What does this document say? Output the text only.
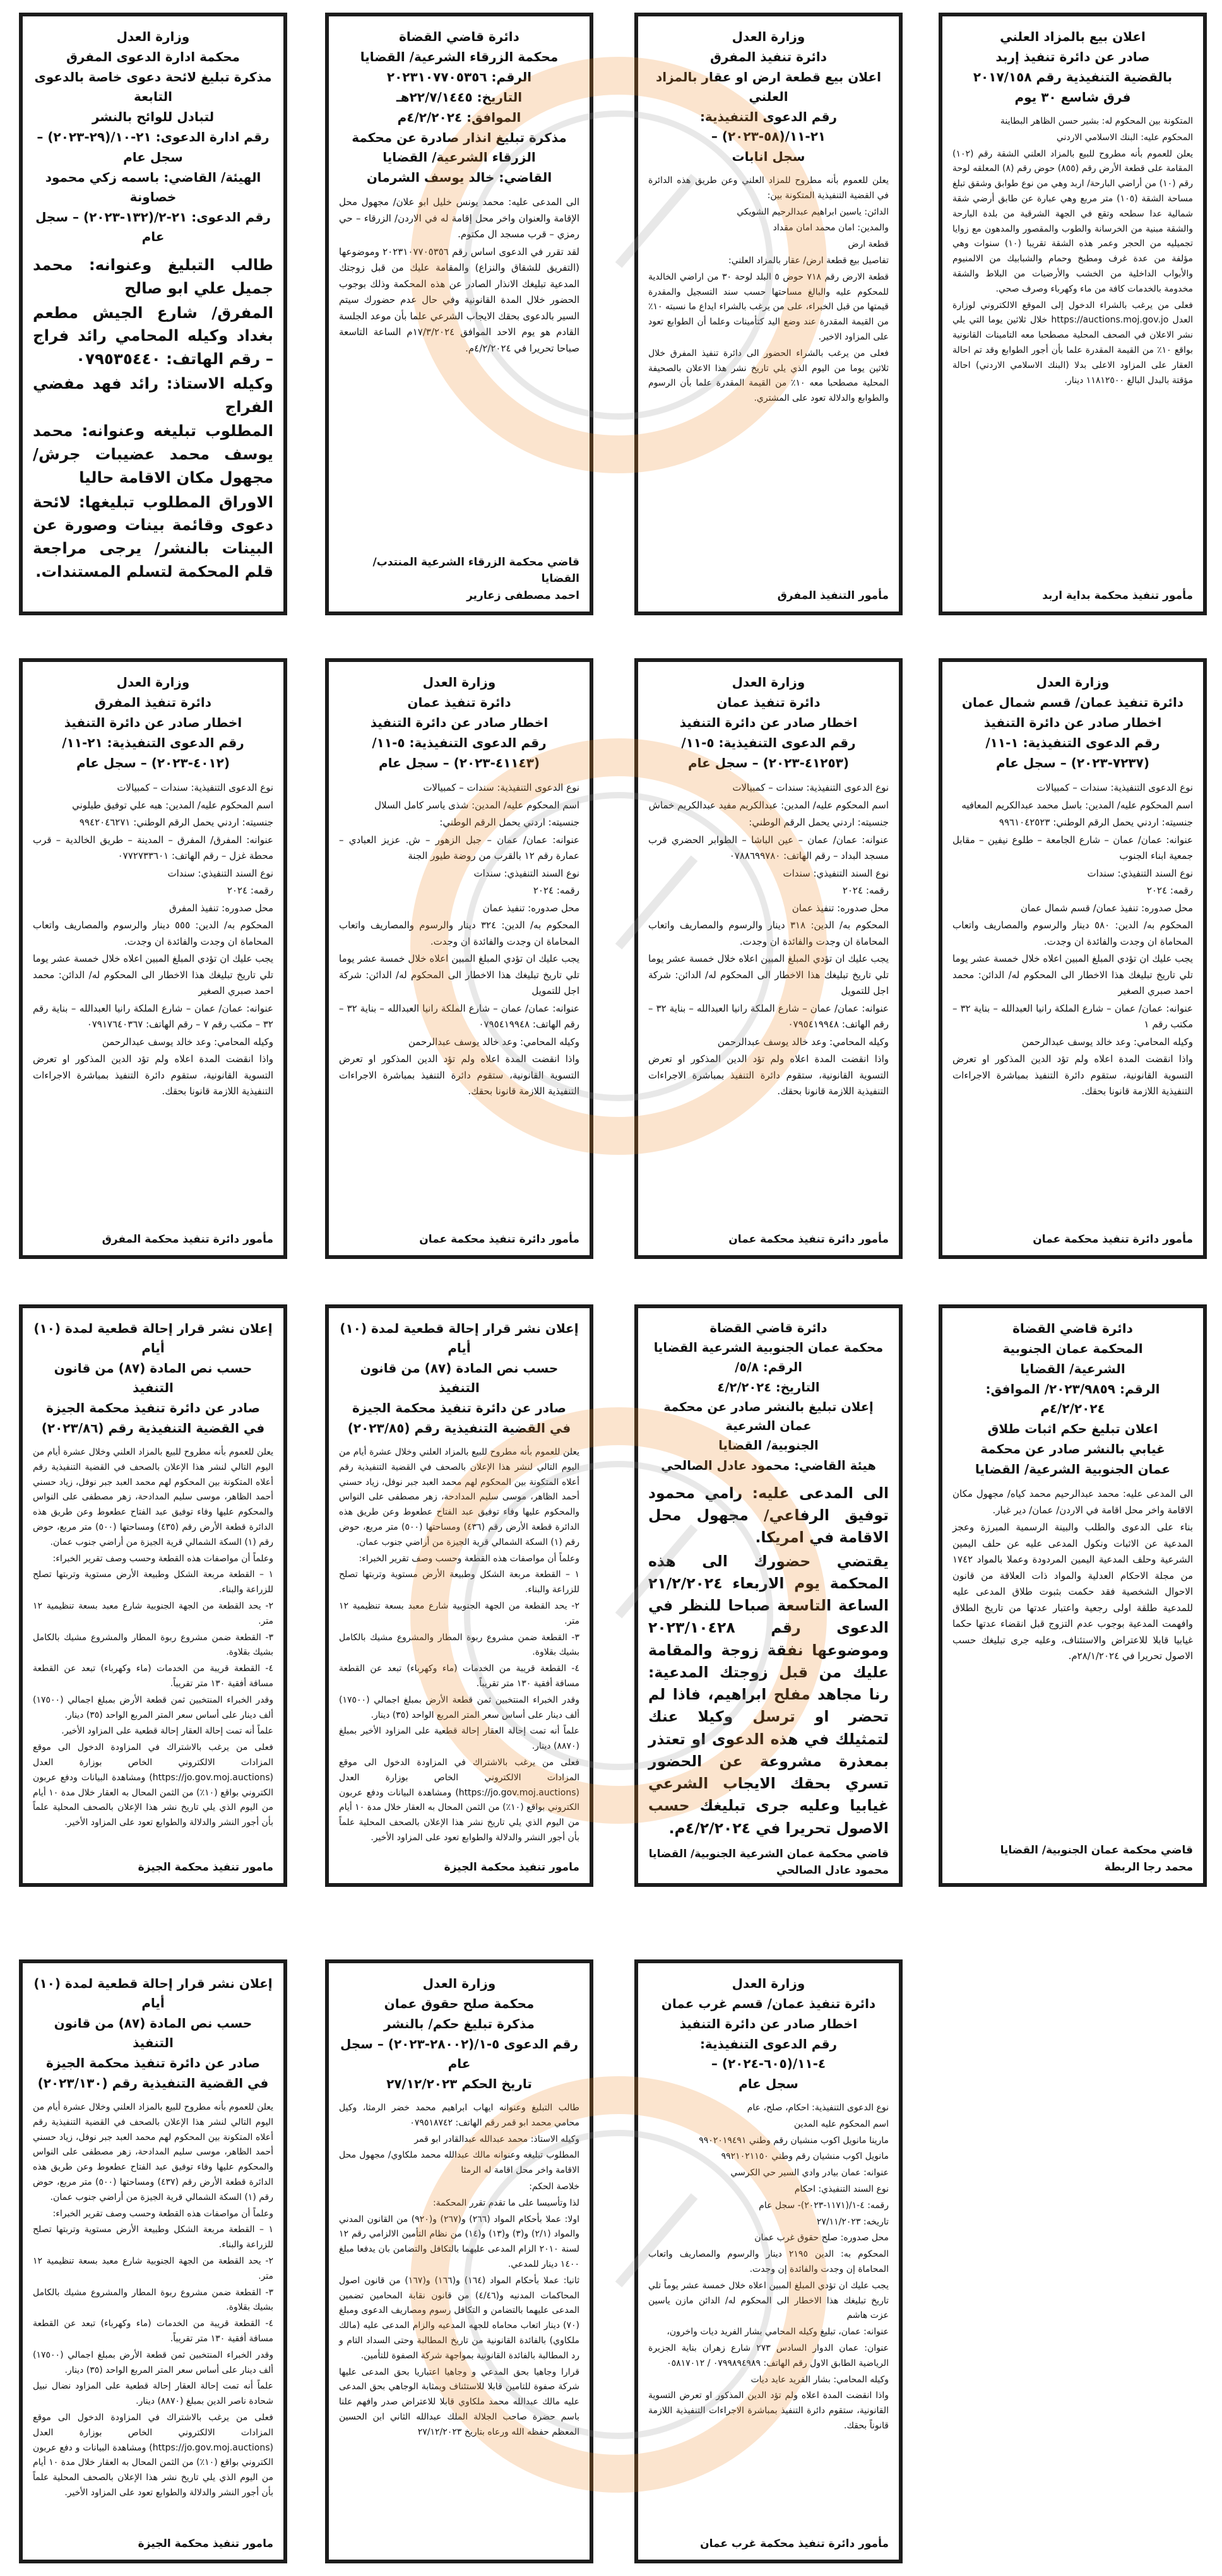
اعلان بيع بالمزاد العلني
صادر عن دائرة تنفيذ إربد
بالقضية التنفيذية رقم ٢٠١٧/١٥٨
فرق شاسع ٣٠ يوم

المتكونة بين المحكوم له: بشير حسن الظاهر البطاينة

المحكوم عليه: البنك الاسلامي الاردني

يعلن للعموم بأنه مطروح للبيع بالمزاد العلني الشقة رقم (١٠٢) المقامة على قطعة الأرض رقم (٨٥٥) حوض رقم (٨) المعلقه لوحة رقم (١٠) من أراضي البارحة/ اربد وهي من نوع طوابق وشقق تبلغ مساحة الشقة (١٠٥) متر مربع وهي عبارة عن طابق أرضي شقة شمالية عدا سطحه وتقع في الجهة الشرقية من بلدة البارحة والشقة مبنية من الخرسانة والطوب والمقصور والمدهون مع زوايا تجميليه من الحجر وعمر هذه الشقة تقريبا (١٠) سنوات وهي مؤلفة من عدة غرف ومطبخ وحمام والشبابيك من الالمنيوم والأبواب الداخلية من الخشب والأرضيات من البلاط والشقة مخدومة بالخدمات كافة من ماء وكهرباء وصرف صحي.

فعلى من يرغب بالشراء الدخول إلى الموقع الالكتروني لوزارة العدل https://auctions.moj.gov.jo خلال ثلاثين يوما التي يلي نشر الاعلان في الصحف المحلية مصطحبا معه التامينات القانونية بواقع ١٠٪ من القيمة المقدرة علما بأن أجور الطوابع وقد تم احالة العقار على المزاود الاعلى بدلا (البنك الاسلامي الاردني) احالة مؤقتة بالبدل البالغ ١١٨١٢٥٠٠ دينار.

مأمور تنفيذ محكمة بداية اربد
وزارة العدل
دائرة تنفيذ المفرق
اعلان بيع قطعة ارض او عقار بالمزاد العلني
رقم الدعوى التنفيذية: ٢١-١١/(٥٨-٢٠٢٣) –
سجل انابات

يعلن للعموم بأنه مطروح للمزاد العلني وعن طريق هذه الدائرة في القضية التنفيذية المتكونة بين:

الدائن: ياسين ابراهيم عبدالرحيم الشويكي

والمدين: امان محمد امان مقداد

قطعة ارض

تفاصيل بيع قطعة ارض/ عقار بالمزاد العلني:

قطعة الارض رقم ٧١٨ حوض ٥ البلد لوحة ٣٠ من اراضي الخالدية للمحكوم عليه والبالغ مساحتها حسب سند التسجيل والمقدرة قيمتها من قبل الخبراء، على من يرغب بالشراء ايداع ما نسبته ١٠٪ من القيمة المقدرة عند وضع اليد كتأمينات وعلما أن الطوابع تعود على المزاود الاخير.

فعلى من يرغب بالشراء الحضور الى دائرة تنفيذ المفرق خلال ثلاثين يوما من اليوم الذي يلي تاريخ نشر هذا الاعلان بالصحيفة المحلية مصطحبا معه ١٠٪ من القيمة المقدرة علما بأن الرسوم والطوابع والدلالة تعود على المشتري.

مأمور التنفيذ المفرق
دائرة قاضي القضاة
محكمة الزرقاء الشرعية/ القضايا
الرقم: ٢٠٢٣١٠٧٧٠٥٣٥٦
التاريخ: ٢٢/٧/١٤٤٥هـ
الموافق: ٤/٢/٢٠٢٤م
مذكرة تبليغ انذار صادرة عن محكمة الزرقاء الشرعية/ القضايا
القاضي: خالد يوسف الشرمان

الى المدعى عليه: محمد يونس خليل ابو علان/ مجهول محل الإقامة والعنوان واخر محل إقامة له في الاردن/ الزرقاء – حي رمزي – قرب مسجد ال مكتوم.

لقد تقرر في الدعوى اساس رقم ٢٠٢٣١٠٧٧٠٥٣٥٦ وموضوعها (التفريق للشقاق والنزاع) والمقامة عليك من قبل زوجتك المدعية تبليغك الانذار الصادر عن هذه المحكمة وذلك بوجوب الحضور خلال المدة القانونية وفي حال عدم حضورك سيتم السير بالدعوى بحقك الايجاب الشرعي علما بأن موعد الجلسة القادم هو يوم الاحد الموافق ١٧/٣/٢٠٢٤م الساعة التاسعة صباحا تحريرا في ٤/٢/٢٠٢٤م.

قاضي محكمة الزرقاء الشرعية المنتدب/ القضايا
احمد مصطفى زعارير
وزارة العدل
محكمة ادارة الدعوى المفرق
مذكرة تبليغ لائحة دعوى خاصة بالدعوى التابعة
لتبادل للوائح بالنشر
رقم ادارة الدعوى: ٢١-١٠/(٢٩-٢٠٢٣) –
سجل عام
الهيئة/ القاضي: باسمه زكي محمود خصاونة
رقم الدعوى: ٢١-٢/(١٣٢-٢٠٢٣) – سجل عام

طالب التبليغ وعنوانه: محمد جميل علي ابو صالح

المفرق/ شارع الجيش مطعم بغداد وكيله المحامي رائد فراج – رقم الهاتف: ٠٧٩٥٣٥٤٤٠

وكيله الاستاذ: رائد فهد مفضي الفراج

المطلوب تبليغه وعنوانه: محمد يوسف محمد عضيبات جرش/ مجهول مكان الاقامة حاليا

الاوراق المطلوب تبليغها: لائحة دعوى وقائمة بينات وصورة عن البينات بالنشر/ يرجى مراجعة قلم المحكمة لتسلم المستندات.

وزارة العدل
دائرة تنفيذ عمان/ قسم شمال عمان
اخطار صادر عن دائرة التنفيذ
رقم الدعوى التنفيذية: ١-١١/
(٧٢٣٧-٢٠٢٣) – سجل عام

نوع الدعوى التنفيذية: سندات – كمبيالات

اسم المحكوم عليه/ المدين: باسل محمد عبدالكريم المعافيه

جنسيته: اردني يحمل الرقم الوطني: ٩٩٦١٠٤٢٥٢٣

عنوانه: عمان/ عمان – شارع الجامعة – طلوع نيفين – مقابل جمعية ابناء الجنوب

نوع السند التنفيذي: سندات

رقمه: ٢٠٢٤

محل صدوره: تنفيذ عمان/ قسم شمال عمان

المحكوم به/ الدين: ٥٨٠ دينار والرسوم والمصاريف واتعاب المحاماة ان وجدت والفائدة ان وجدت.

يجب عليك ان تؤدي المبلغ المبين اعلاه خلال خمسة عشر يوما تلي تاريخ تبليغك هذا الاخطار الى المحكوم له/ الدائن: محمد احمد صبري الصغير

عنوانه: عمان/ عمان – شارع الملكة رانيا العبدالله – بناية ٣٢ – مكتب رقم ١

وكيله المحامي: وعد خالد يوسف عبدالرحمن

واذا انقضت المدة اعلاه ولم تؤد الدين المذكور او تعرض التسوية القانونية، ستقوم دائرة التنفيذ بمباشرة الاجراءات التنفيذية اللازمة قانونا بحقك.

مأمور دائرة تنفيذ محكمة عمان
وزارة العدل
دائرة تنفيذ عمان
اخطار صادر عن دائرة التنفيذ
رقم الدعوى التنفيذية: ٥-١١/
(٤١٢٥٣-٢٠٢٣) – سجل عام

نوع الدعوى التنفيذية: سندات – كمبيالات

اسم المحكوم عليه/ المدين: عبدالكريم مفيد عبدالكريم خماش

جنسيته: اردني يحمل الرقم الوطني:

عنوانه: عمان/ عمان – عين الباشا – الطوابر الحضري قرب مسجد البداد – رقم الهاتف: ٠٧٨٨٦٩٩٧٨٠

نوع السند التنفيذي: سندات

رقمه: ٢٠٢٤

محل صدوره: تنفيذ عمان

المحكوم به/ الدين: ٣١٨ دينار والرسوم والمصاريف واتعاب المحاماة ان وجدت والفائدة ان وجدت.

يجب عليك ان تؤدي المبلغ المبين اعلاه خلال خمسة عشر يوما تلي تاريخ تبليغك هذا الاخطار الى المحكوم له/ الدائن: شركة اجل للتمويل

عنوانه: عمان/ عمان – شارع الملكة رانيا العبدالله – بناية ٣٢ – رقم الهاتف: ٠٧٩٥٤١٩٩٤٨

وكيله المحامي: وعد خالد يوسف عبدالرحمن

واذا انقضت المدة اعلاه ولم تؤد الدين المذكور او تعرض التسوية القانونية، ستقوم دائرة التنفيذ بمباشرة الاجراءات التنفيذية اللازمة قانونا بحقك.

مأمور دائرة تنفيذ محكمة عمان
وزارة العدل
دائرة تنفيذ عمان
اخطار صادر عن دائرة التنفيذ
رقم الدعوى التنفيذية: ٥-١١/
(٤١١٤٣-٢٠٢٣) – سجل عام

نوع الدعوى التنفيذية: سندات – كمبيالات

اسم المحكوم عليه/ المدين: شذى ياسر كامل السلال

جنسيته: اردني يحمل الرقم الوطني:

عنوانه: عمان/ عمان – جبل الزهور – ش. عزيز العبادي – عمارة رقم ١٢ بالقرب من روضة طيور الجنة

نوع السند التنفيذي: سندات

رقمه: ٢٠٢٤

محل صدوره: تنفيذ عمان

المحكوم به/ الدين: ٣٢٤ دينار والرسوم والمصاريف واتعاب المحاماة ان وجدت والفائدة ان وجدت.

يجب عليك ان تؤدي المبلغ المبين اعلاه خلال خمسة عشر يوما تلي تاريخ تبليغك هذا الاخطار الى المحكوم له/ الدائن: شركة اجل للتمويل

عنوانه: عمان/ عمان – شارع الملكة رانيا العبدالله – بناية ٣٢ – رقم الهاتف: ٠٧٩٥٤١٩٩٤٨

وكيله المحامي: وعد خالد يوسف عبدالرحمن

واذا انقضت المدة اعلاه ولم تؤد الدين المذكور او تعرض التسوية القانونية، ستقوم دائرة التنفيذ بمباشرة الاجراءات التنفيذية اللازمة قانونا بحقك.

مأمور دائرة تنفيذ محكمة عمان
وزارة العدل
دائرة تنفيذ المفرق
اخطار صادر عن دائرة التنفيذ
رقم الدعوى التنفيذية: ٢١-١١/
(٤٠١٢-٢٠٢٣) – سجل عام

نوع الدعوى التنفيذية: سندات – كمبيالات

اسم المحكوم عليه/ المدين: هبه علي توفيق طيلوني

جنسيته: اردني يحمل الرقم الوطني: ٩٩٤٢٠٤٦٢٧١

عنوانه: المفرق/ المفرق – المدينة – طريق الخالدية – قرب محطة غزل – رقم الهاتف: ٠٧٧٢٧٣٣٦٠١

نوع السند التنفيذي: سندات

رقمه: ٢٠٢٤

محل صدوره: تنفيذ المفرق

المحكوم به/ الدين: ٥٥٥ دينار والرسوم والمصاريف واتعاب المحاماة ان وجدت والفائدة ان وجدت.

يجب عليك ان تؤدي المبلغ المبين اعلاه خلال خمسة عشر يوما تلي تاريخ تبليغك هذا الاخطار الى المحكوم له/ الدائن: محمد احمد صبري الصغير

عنوانه: عمان/ عمان – شارع الملكة رانيا العبدالله – بناية رقم ٣٢ – مكتب رقم ٧ – رقم الهاتف: ٠٧٩١٧٦٤٠٣٦٧

وكيله المحامي: وعد خالد يوسف عبدالرحمن

واذا انقضت المدة اعلاه ولم تؤد الدين المذكور او تعرض التسوية القانونية، ستقوم دائرة التنفيذ بمباشرة الاجراءات التنفيذية اللازمة قانونا بحقك.

مأمور دائرة تنفيذ محكمة المفرق
دائرة قاضي القضاة
المحكمة عمان الجنوبية
الشرعية/ القضايا
الرقم: ٢٠٢٣/٩٨٥٩/ الموافق: ٤/٢/٢٠٢٤م
اعلان تبليغ حكم اثبات طلاق
غيابي بالنشر صادر عن محكمة
عمان الجنوبية الشرعية/ القضايا

الى المدعى عليه: محمد عبدالرحيم محمد كياه/ مجهول مكان الاقامة واخر محل اقامة في الاردن/ عمان/ دير غبار.

بناء على الدعوى والطلب والبينة الرسمية المبرزة وعجز المدعية عن الاثبات ونكول المدعى عليه عن حلف اليمين الشرعية وحلف المدعية اليمين المردودة وعملا بالمواد ١٧٤٢ من مجلة الاحكام العدلية والمواد ذات العلاقة من قانون الاحوال الشخصية فقد حكمت بثبوت طلاق المدعى عليه للمدعية طلقة اولى رجعية واعتبار عدتها من تاريخ الطلاق وافهمت المدعية بوجوب عدم التزوج قبل انقضاء عدتها حكما غيابيا قابلا للاعتراض والاستئناف، وعليه جرى تبليغك حسب الاصول تحريرا في ٢٨/١/٢٠٢٤م.

قاضي محكمة عمان الجنوبية/ القضايا
محمد رجا الربطة
دائرة قاضي القضاة
محكمة عمان الجنوبية الشرعية القضايا
الرقم: ٥/٨/
التاريخ: ٤/٢/٢٠٢٤
إعلان تبليغ بالنشر صادر عن محكمة عمان الشرعية
الجنوبية/ القضايا
هيئة القاضي: محمود عادل الصالحي

الى المدعى عليه: رامي محمود توفيق الرفاعي/ مجهول محل الاقامة في امريكا.

يقتضي حضورك الى هذه المحكمة يوم الاربعاء ٢١/٢/٢٠٢٤ الساعة التاسعة صباحا للنظر في الدعوى رقم ٢٠٢٣/١٠٤٢٨ وموضوعها نفقة زوجة والمقامة عليك من قبل زوجتك المدعية: رنا مجاهد مفلح ابراهيم، فاذا لم تحضر او ترسل وكيلا عنك لتمثيلك في هذه الدعوى او تعتذر بمعذرة مشروعة عن الحضور تسري بحقك الايجاب الشرعي غيابيا وعليه جرى تبليغك حسب الاصول تحريرا في ٤/٢/٢٠٢٤م.

قاضي محكمة عمان الشرعية الجنوبية/ القضايا
محمود عادل الصالحي
إعلان نشر قرار إحالة قطعية لمدة (١٠) أيام
حسب نص المادة (٨٧) من قانون التنفيذ
صادر عن دائرة تنفيذ محكمة الجيزة
في القضية التنفيذية رقم (٢٠٢٣/٨٥)

يعلن للعموم بأنه مطروح للبيع بالمزاد العلني وخلال عشرة أيام من اليوم التالي لنشر هذا الإعلان بالصحف في القضية التنفيذية رقم أعلاه المتكونة بين المحكوم لهم محمد العبد جبر نوفل، زياد حسني أحمد الظاهر، موسى سليم المدادحة، زهر مصطفى على النواس والمحكوم عليها وفاء توفيق عبد الفتاح عطعوط وعن طريق هذه الدائرة قطعة الأرض رقم (٤٣٦) ومساحتها (٥٠٠) متر مربع، حوض رقم (١) السكة الشمالي قرية الجيزة من أراضي جنوب عمان.

وعلماً أن مواصفات هذه القطعة وحسب وصف تقرير الخبراء:

١ – القطعة مربعة الشكل وطبيعة الأرض مستوية وتربتها تصلح للزراعة والبناء.

٢- يحد القطعة من الجهة الجنوبية شارع معبد بسعة تنظيمية ١٢ متر.

٣- القطعة ضمن مشروع ربوة المطار والمشروع مشيك بالكامل بشيك بقلاوة.

٤- القطعة قريبة من الخدمات (ماء وكهرباء) تبعد عن القطعة مسافة أفقية ١٣٠ متر تقريباً.

وقدر الخبراء المنتخبين ثمن قطعة الأرض بمبلغ اجمالي (١٧٥٠٠) ألف دينار على أساس سعر المتر المربع الواحد (٣٥) دينار.

علماً أنه تمت إحالة العقار إحالة قطعية على المزاود الأخير بمبلغ (٨٨٧٠) دينار.

فعلى من يرغب بالاشتراك في المزاودة الدخول الى موقع المزادات الالكتروني الخاص بوزارة العدل (https://jo.gov.moj.auctions) ومشاهدة البيانات ودفع عربون الكتروني بواقع (١٠٪) من الثمن المحال به العقار خلال مدة ١٠ أيام من اليوم الذي يلي تاريخ نشر هذا الإعلان بالصحف المحلية علماً بأن أجور النشر والدلالة والطوابع تعود على المزاود الأخير.

مامور تنفيذ محكمة الجيزة
إعلان نشر قرار إحالة قطعية لمدة (١٠) أيام
حسب نص المادة (٨٧) من قانون التنفيذ
صادر عن دائرة تنفيذ محكمة الجيزة
في القضية التنفيذية رقم (٢٠٢٣/٨٦)

يعلن للعموم بأنه مطروح للبيع بالمزاد العلني وخلال عشرة أيام من اليوم التالي لنشر هذا الإعلان بالصحف في القضية التنفيذية رقم أعلاه المتكونة بين المحكوم لهم محمد العبد جبر نوفل، زياد حسني أحمد الظاهر، موسى سليم المدادحة، زهر مصطفى على النواس والمحكوم عليها وفاء توفيق عبد الفتاح عطعوط وعن طريق هذه الدائرة قطعة الأرض رقم (٤٣٥) ومساحتها (٥٠٠) متر مربع، حوض رقم (١) السكة الشمالي قرية الجيزة من أراضي جنوب عمان.

وعلماً أن مواصفات هذه القطعة وحسب وصف تقرير الخبراء:

١ – القطعة مربعة الشكل وطبيعة الأرض مستوية وتربتها تصلح للزراعة والبناء.

٢- يحد القطعة من الجهة الجنوبية شارع معبد بسعة تنظيمية ١٢ متر.

٣- القطعة ضمن مشروع ربوة المطار والمشروع مشيك بالكامل بشيك بقلاوة.

٤- القطعة قريبة من الخدمات (ماء وكهرباء) تبعد عن القطعة مسافة أفقية ١٣٠ متر تقريباً.

وقدر الخبراء المنتخبين ثمن قطعة الأرض بمبلغ اجمالي (١٧٥٠٠) ألف دينار على أساس سعر المتر المربع الواحد (٣٥) دينار.

علماً أنه تمت إحالة العقار إحالة قطعية على المزاود الأخير.

فعلى من يرغب بالاشتراك في المزاودة الدخول الى موقع المزادات الالكتروني الخاص بوزارة العدل (https://jo.gov.moj.auctions) ومشاهدة البيانات ودفع عربون الكتروني بواقع (١٠٪) من الثمن المحال به العقار خلال مدة ١٠ أيام من اليوم الذي يلي تاريخ نشر هذا الإعلان بالصحف المحلية علماً بأن أجور النشر والدلالة والطوابع تعود على المزاود الأخير.

مامور تنفيذ محكمة الجيزة
وزارة العدل
دائرة تنفيذ عمان/ قسم غرب عمان
اخطار صادر عن دائرة التنفيذ
رقم الدعوى التنفيذية: ٤-١١/(٦٠٥-٢٠٢٤) –
سجل عام

نوع الدعوى التنفيذية: احكام، صلح، عام

اسم المحكوم عليه المدين

مارينا مانويل اكوب منشيان رقم وطني ٩٩٠٢٠١٩٤٩١

مانويل اكوب منشيان رقم وطني ٩٩٢١٠٢١١٥٠

عنوانه: عمان بيادر وادي السير حي الكرسي

نوع السند التنفيذي: احكام

رقمه: ٤-١/(١١٧١-٢٠٢٣)- سجل عام

تاريخه: ٢٧/١١/٢٠٢٣

محل صدوره: صلح حقوق غرب عمان

المحكوم به: الدين ٢١٩٥ دينار والرسوم والمصاريف واتعاب المحاماة إن وجدت والفائدة إن وجدت.

يجب عليك ان تؤدي المبلغ المبين اعلاه خلال خمسة عشر يوماً تلي تاريخ تبليغك هذا الاخطار الى المحكوم له/ الدائن مازن ياسين عزت هاشم

عنوانه: عمان، تبليغ وكيله المحامي بشار الفريد ديات واخرون،

عنوان: عمان الدوار السادس ٢٧٣ شارع زهران بناية الجزيرة الرياضية الطابق الاول رقم الهاتف: ٠٧٩٩٨٩٤٩٨٩ / ٠٥٨١٧٠١٢

وكيله المحامي: بشار الفريد عايد ديات

واذا انقضت المدة اعلاه ولم تؤد الدين المذكور او تعرض التسوية القانونية، ستقوم دائرة التنفيذ بمباشرة الاجراءات التنفيذية اللازمة قانوناً بحقك.

مأمور دائرة تنفيذ محكمة غرب عمان
وزارة العدل
محكمة صلح حقوق عمان
مذكرة تبليغ حكم/ بالنشر
رقم الدعوى ٥-١/(٢٨٠٠٢-٢٠٢٣) – سجل عام
تاريخ الحكم ٢٧/١٢/٢٠٢٣

طالب التبليغ وعنوانه ايهاب ابراهيم محمد خضر الرمثا، وكيل محامي محمد ابو قمر رقم الهاتف: ٠٧٩٥١٨٧٤٢

وكيله الاستاذ: محمد عبدالله عبدالقادر ابو قمر

المطلوب تبليغه وعنوانه مالك عبدالله محمد ملكاوي/ مجهول محل الاقامة واخر محل اقامة له الرمثا

خلاصة الحكم:

لذا وتأسيسا على ما تقدم تقرر المحكمة:

اولا: عملا بأحكام المواد (٢٦٦) و(٢٦٧) و(٩٢٠) من القانون المدني والمواد (٢/١) و(٣) و(١٣) و(١٤) من نظام التأمين الالزامي رقم ١٢ لسنة ٢٠١٠ الزام المدعى عليهما بالتكافل والتضامن بان يدفعا مبلغ ١٤٠٠ دينار للمدعي.

ثانيا: عملا بأحكام المواد (١٦٤) و(١٦٦) و(١٦٧) من قانون اصول المحاكمات المدنيه و(٤/٤٦) من قانون نقابة المحامين تضمين المدعى عليهما بالتضامن و التكافل رسوم ومصاريف الدعوى ومبلغ (٧٠) دينار اتعاب محاماه للجهه المدعيه والزام المدعى عليه (مالك ملكاوي) بالفائدة القانونية من تاريخ المطالبة وحتى السداد التام و رد المطالبة بالفائدة القانونية بمواجهة شركة الصفوة للتأمين.

قرارا وجاهيا بحق المدعي و وجاهيا اعتباريا بحق المدعى عليها شركة صفوة للتامين قابلا للاستئناف وبمثابة الوجاهي بحق المدعى عليه مالك عبدالله محمد ملكاوي قابلا للاعتراض صدر وافهم علنا باسم حضرة صاحب الجلالة الملك عبدالله الثاني ابن الحسين المعظم حفظه الله ورعاه بتاريخ ٢٧/١٢/٢٠٢٣

إعلان نشر قرار إحالة قطعية لمدة (١٠) أيام
حسب نص المادة (٨٧) من قانون التنفيذ
صادر عن دائرة تنفيذ محكمة الجيزة
في القضية التنفيذية رقم (٢٠٢٣/١٣٠)

يعلن للعموم بأنه مطروح للبيع بالمزاد العلني وخلال عشرة أيام من اليوم التالي لنشر هذا الإعلان بالصحف في القضية التنفيذية رقم أعلاه المتكونة بين المحكوم لهم محمد العبد جبر نوفل، زياد حسني أحمد الظاهر، موسى سليم المدادحة، زهر مصطفى على النواس والمحكوم عليها وفاء توفيق عبد الفتاح عطعوط وعن طريق هذه الدائرة قطعة الأرض رقم (٤٣٧) ومساحتها (٥٠٠) متر مربع، حوض رقم (١) السكة الشمالي قرية الجيزة من أراضي جنوب عمان.

وعلماً أن مواصفات هذه القطعة وحسب وصف تقرير الخبراء:

١ – القطعة مربعة الشكل وطبيعة الأرض مستوية وتربتها تصلح للزراعة والبناء.

٢- يحد القطعة من الجهة الجنوبية شارع معبد بسعة تنظيمية ١٢ متر.

٣- القطعة ضمن مشروع ربوة المطار والمشروع مشيك بالكامل بشيك بقلاوة.

٤- القطعة قريبة من الخدمات (ماء وكهرباء) تبعد عن القطعة مسافة أفقية ١٣٠ متر تقريباً.

وقدر الخبراء المنتخبين ثمن قطعة الأرض بمبلغ اجمالي (١٧٥٠٠) ألف دينار على أساس سعر المتر المربع الواحد (٣٥) دينار.

علماً أنه تمت إحالة العقار إحالة قطعية على المزاود نضال نبيل شحادة ناصر الدين بمبلغ (٨٨٧٠) دينار.

فعلى من يرغب بالاشتراك في المزاودة الدخول الى موقع المزادات الالكتروني الخاص بوزارة العدل (https://jo.gov.moj.auctions) ومشاهدة البيانات و دفع عربون الكتروني بواقع (١٠٪) من الثمن المحال به العقار خلال مدة ١٠ أيام من اليوم الذي يلي تاريخ نشر هذا الإعلان بالصحف المحلية علماً بأن أجور النشر والدلالة والطوابع تعود على المزاود الأخير.

مامور تنفيذ محكمة الجيزة
